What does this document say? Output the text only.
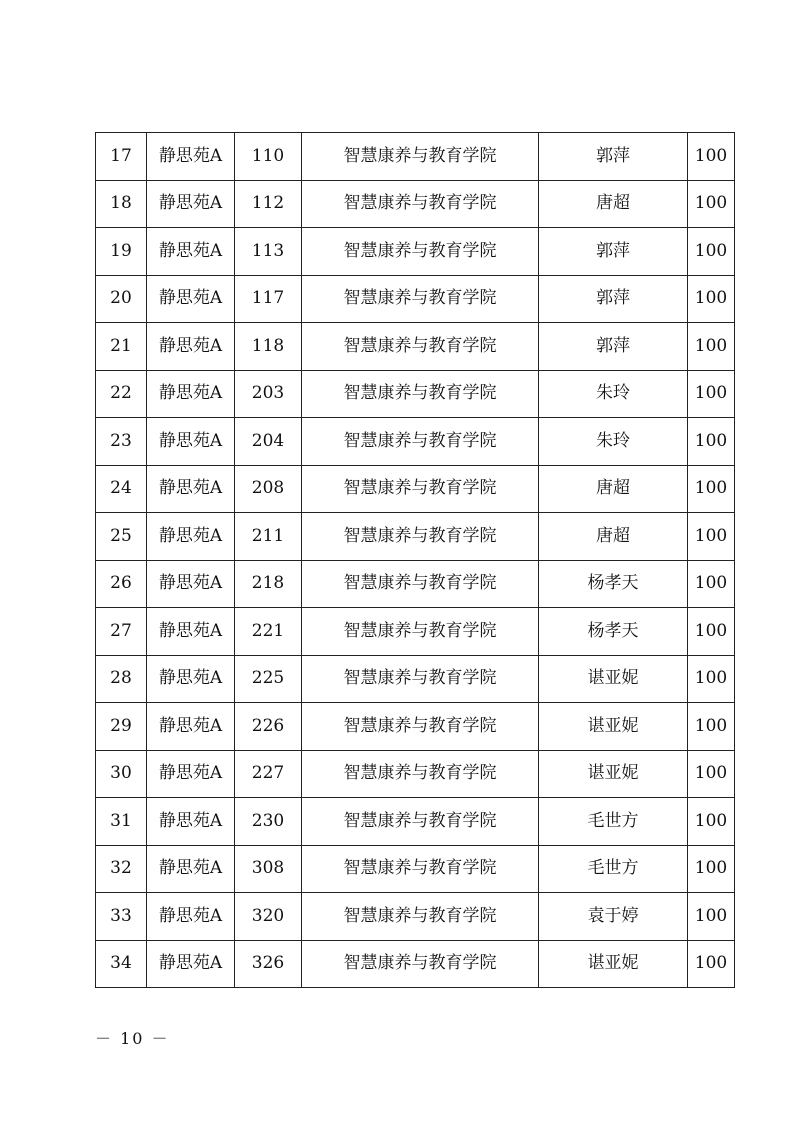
17	静思苑A	110	智慧康养与教育学院	郭萍	100
18	静思苑A	112	智慧康养与教育学院	唐超	100
19	静思苑A	113	智慧康养与教育学院	郭萍	100
20	静思苑A	117	智慧康养与教育学院	郭萍	100
21	静思苑A	118	智慧康养与教育学院	郭萍	100
22	静思苑A	203	智慧康养与教育学院	朱玲	100
23	静思苑A	204	智慧康养与教育学院	朱玲	100
24	静思苑A	208	智慧康养与教育学院	唐超	100
25	静思苑A	211	智慧康养与教育学院	唐超	100
26	静思苑A	218	智慧康养与教育学院	杨孝天	100
27	静思苑A	221	智慧康养与教育学院	杨孝天	100
28	静思苑A	225	智慧康养与教育学院	谌亚妮	100
29	静思苑A	226	智慧康养与教育学院	谌亚妮	100
30	静思苑A	227	智慧康养与教育学院	谌亚妮	100
31	静思苑A	230	智慧康养与教育学院	毛世方	100
32	静思苑A	308	智慧康养与教育学院	毛世方	100
33	静思苑A	320	智慧康养与教育学院	袁于婷	100
34	静思苑A	326	智慧康养与教育学院	谌亚妮	100
－ 10 －
